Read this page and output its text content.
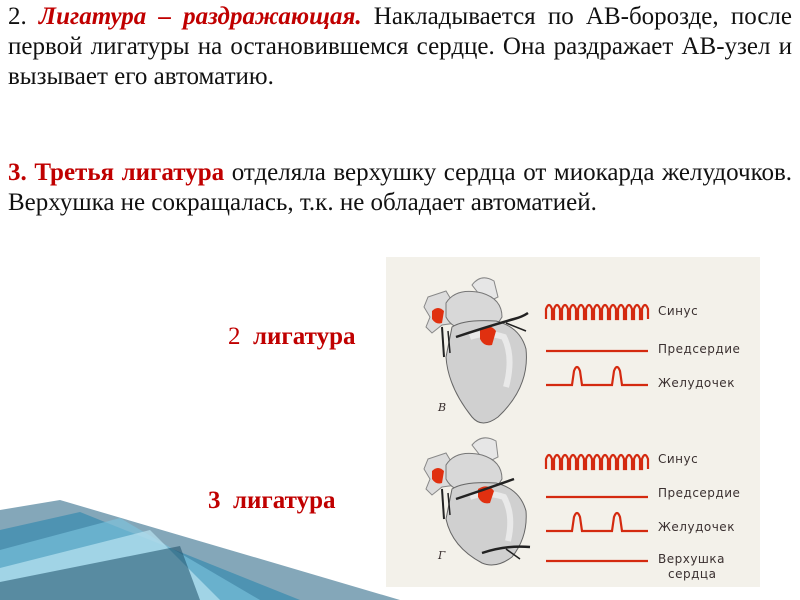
2. Лигатура – раздражающая. Накладывается по АВ-борозде, после первой лигатуры на остановившемся сердце. Она раздражает АВ-узел и вызывает его автоматию.

3. Третья лигатура отделяла верхушку сердца от миокарда желудочков. Верхушка не сокращалась, т.к. не обладает автоматией.

2 лигатура
3 лигатура
Синус
Предсердие
Желудочек
В
Синус
Предсердие
Желудочек
Верхушка
сердца
Г
